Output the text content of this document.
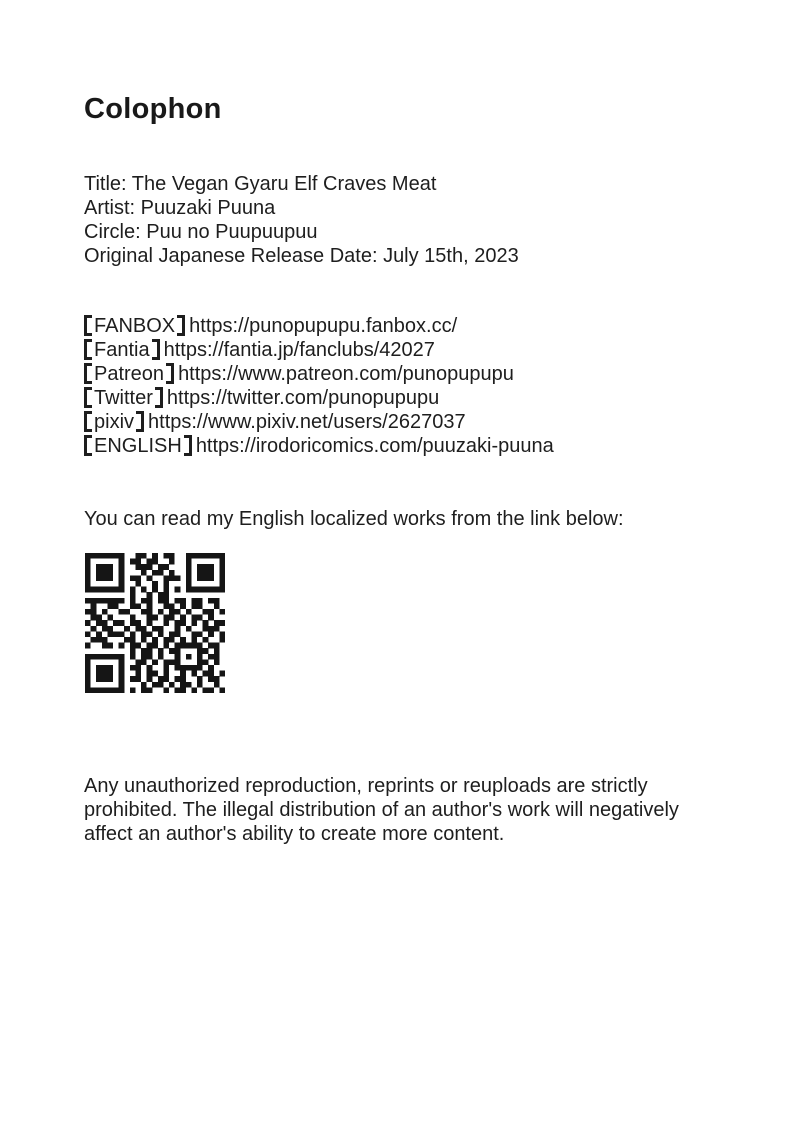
Colophon
Title: The Vegan Gyaru Elf Craves Meat
Artist: Puuzaki Puuna
Circle: Puu no Puupuupuu
Original Japanese Release Date: July 15th, 2023
FANBOX https://punopupupu.fanbox.cc/
Fantia https://fantia.jp/fanclubs/42027
Patreon https://www.patreon.com/punopupupu
Twitter https://twitter.com/punopupupu
pixiv https://www.pixiv.net/users/2627037
ENGLISH https://irodoricomics.com/puuzaki-puuna
You can read my English localized works from the link below:
Any unauthorized reproduction, reprints or reuploads are strictly
prohibited. The illegal distribution of an author's work will negatively
affect an author's ability to create more content.
